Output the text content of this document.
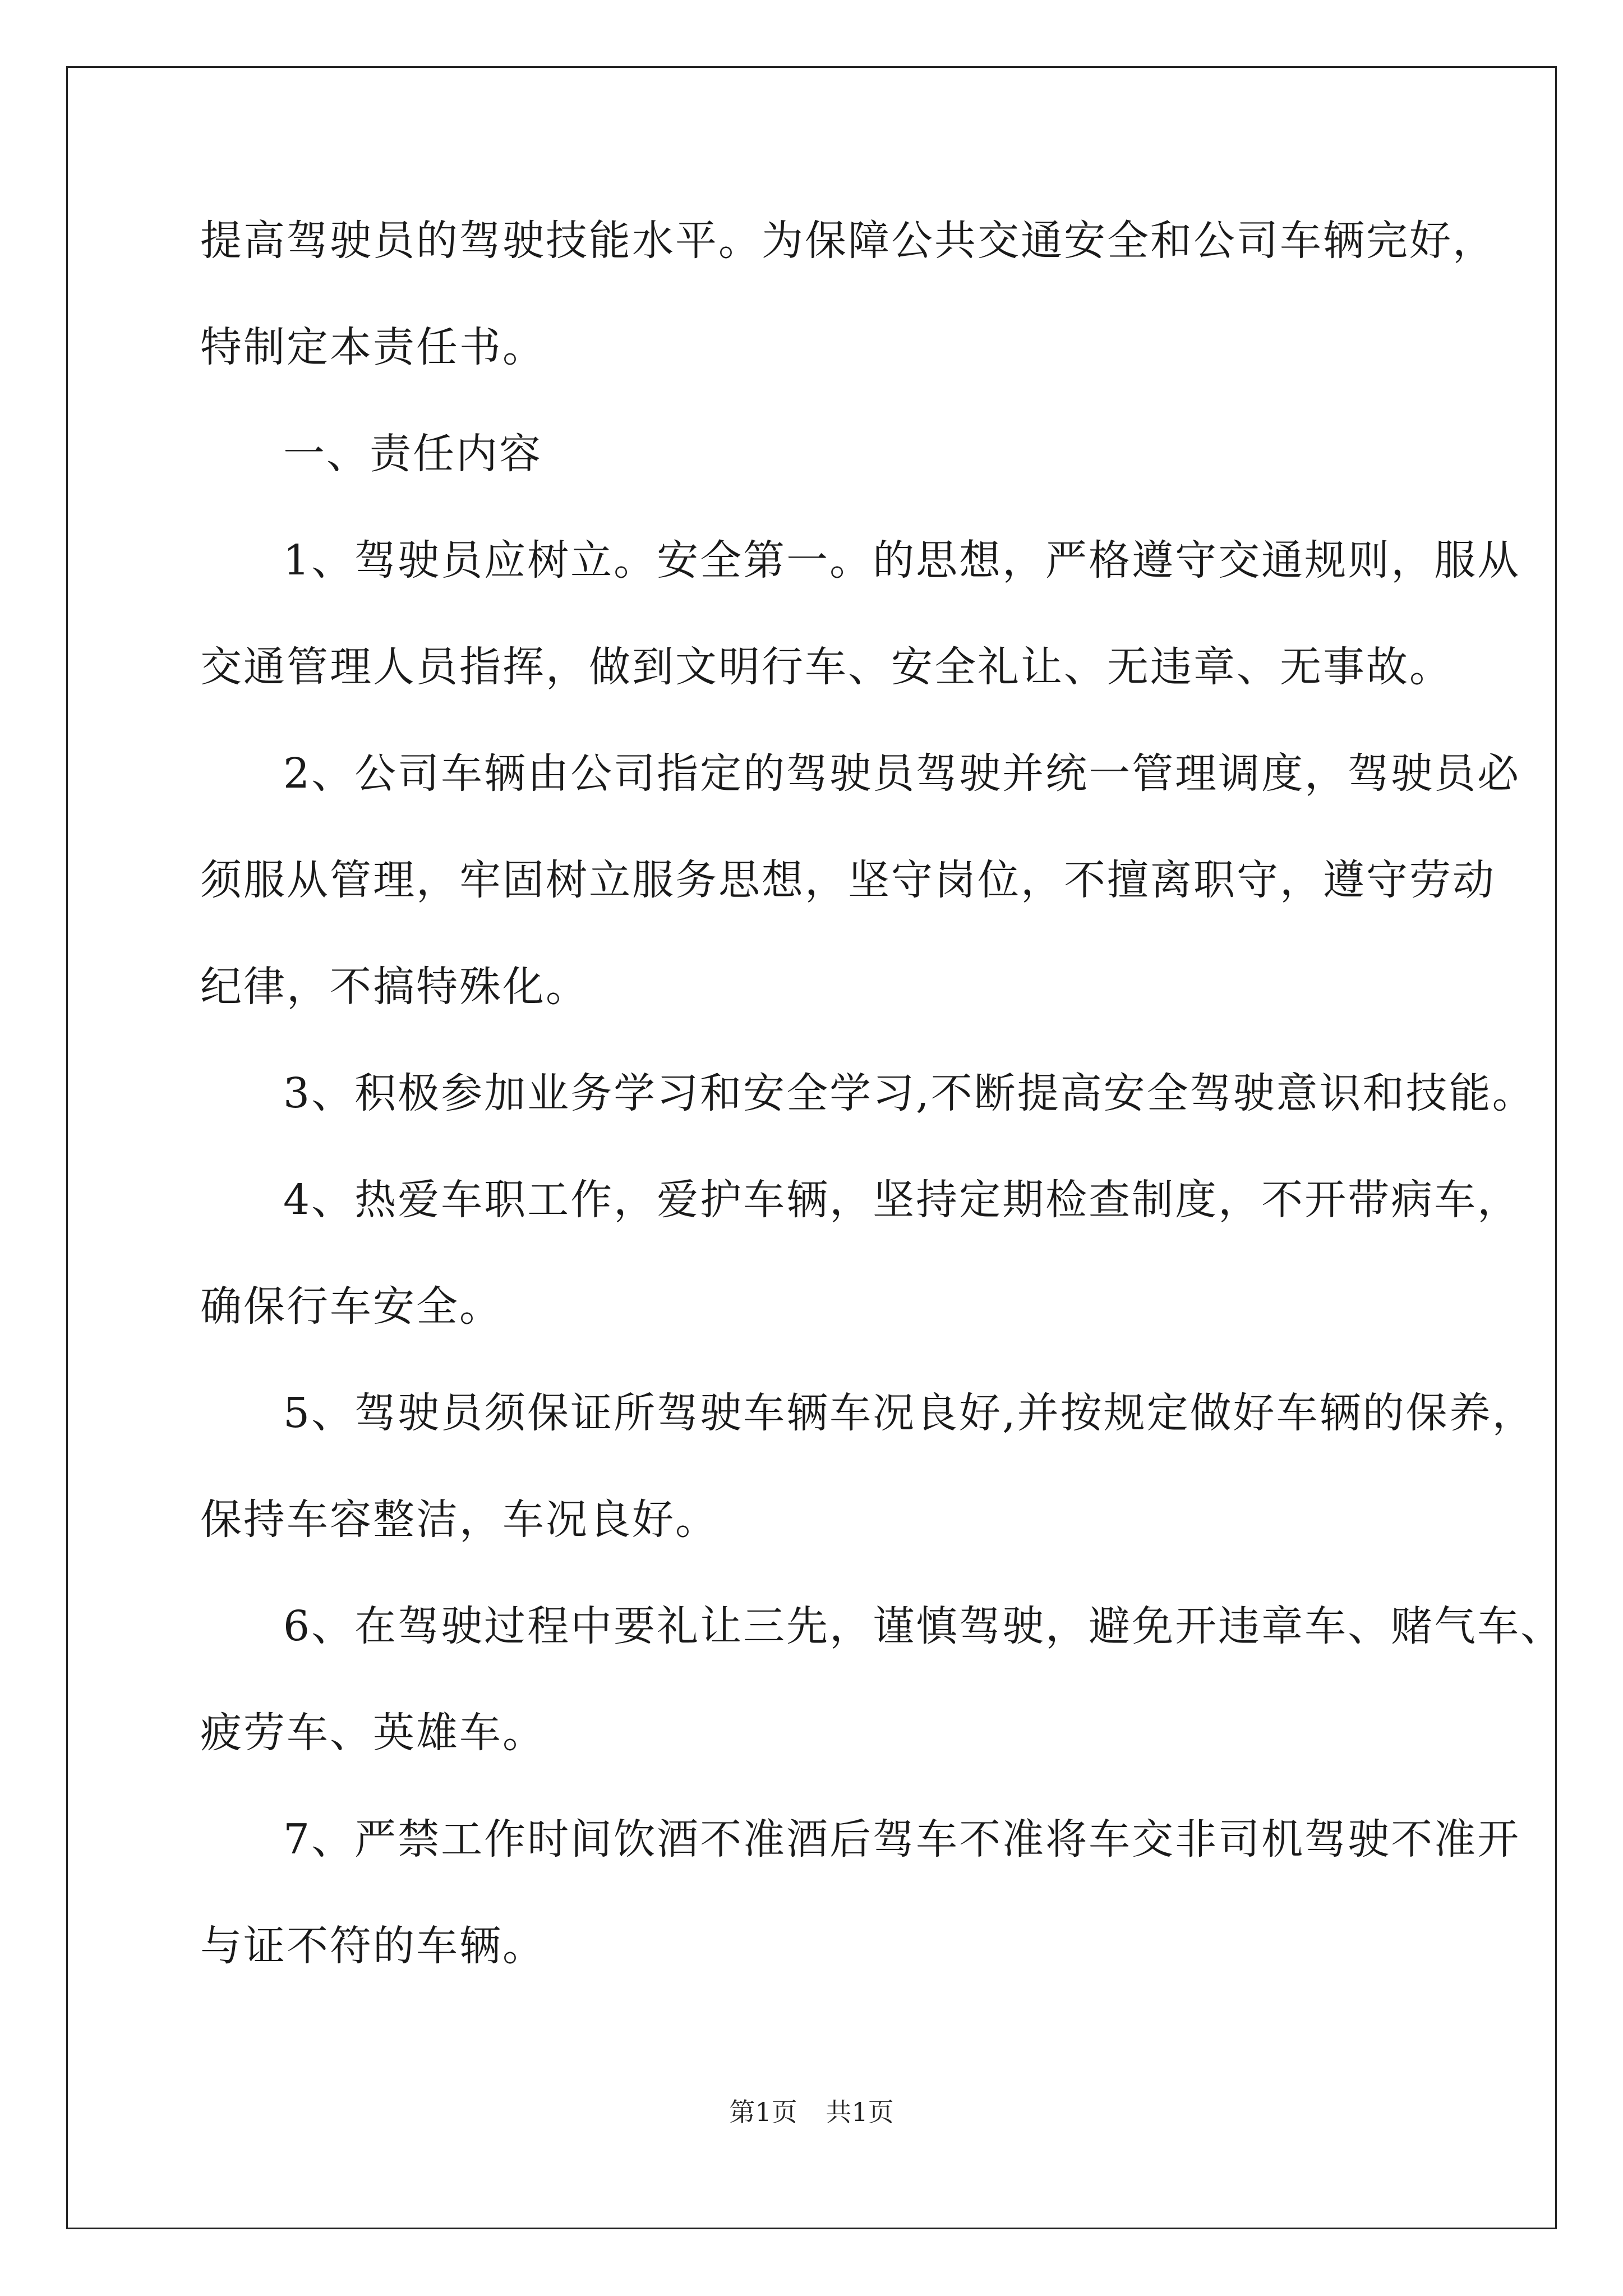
提高驾驶员的驾驶技能水平。为保障公共交通安全和公司车辆完好，

特制定本责任书。

一、责任内容

1、驾驶员应树立。安全第一。的思想，严格遵守交通规则，服从

交通管理人员指挥，做到文明行车、安全礼让、无违章、无事故。

2、公司车辆由公司指定的驾驶员驾驶并统一管理调度，驾驶员必

须服从管理，牢固树立服务思想，坚守岗位，不擅离职守，遵守劳动

纪律，不搞特殊化。

3、积极参加业务学习和安全学习,不断提高安全驾驶意识和技能。

4、热爱车职工作，爱护车辆，坚持定期检查制度，不开带病车，

确保行车安全。

5、驾驶员须保证所驾驶车辆车况良好,并按规定做好车辆的保养，

保持车容整洁，车况良好。

6、在驾驶过程中要礼让三先，谨慎驾驶，避免开违章车、赌气车、

疲劳车、英雄车。

7、严禁工作时间饮酒不准酒后驾车不准将车交非司机驾驶不准开

与证不符的车辆。

第1页 共1页
